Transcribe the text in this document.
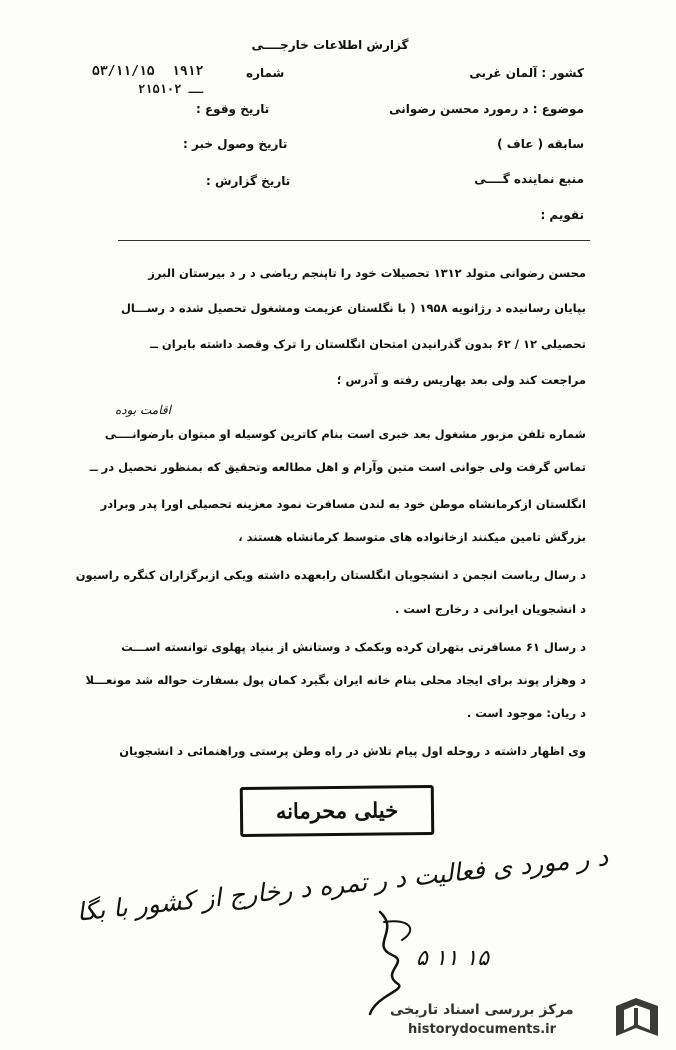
گزارش اطلاعات خارجــــی
کشور : آلمان غربی
شماره
۱۹۱۲
۵۳/۱۱/۱۵
۲۱۵ــ ۱۰۲
موضوع : د رمورد محسن رضوانی
تاریخ وقوع :
سابقه ( عاف )
تاریخ وصول خبر :
منبع نماینده گــــی
تاریخ گزارش :
تقویم :
محسن رضوانی متولد ۱۳۱۲ تحصیلات خود را تاپنجم ریاضی د ر د بیرستان البرز
بپایان رسانیده د رژانویه ۱۹۵۸ ( با نگلستان عزیمت ومشغول تحصیل شده د رســـال
تحصیلی ۱۲ / ۶۲ بدون گذرانیدن امتحان انگلستان را ترک وقصد داشته بایران ــ
مراجعت کند ولی بعد بهاریس رفته و آدرس ؛
اقامت بوده
شماره تلفن مزبور مشغول بعد خبری است بنام کاترین کوسیله او مبتوان بارضوانــــی
تماس گرفت ولی جوانی است متین وآرام و اهل مطالعه وتحقیق که بمنظور تحصیل در ــ
انگلستان ازکرمانشاه موطن خود به لندن مسافرت نمود معزینه تحصیلی اورا پدر وبرادر
بزرگش تامین میکنند ازخانواده های متوسط کرمانشاه هستند ،
د رسال ریاست انجمن د انشجویان انگلستان رابعهده داشته ویکی ازبرگزاران کنگره راسیون
د انشجویان ایرانی د رخارج است .
د رسال ۶۱ مسافرتی بتهران کرده وبکمک د وستانش از بنیاد پهلوی توانسته اســـت
د وهزار پوند برای ایجاد محلی بنام خانه ایران بگیرد کمان پول بسفارت حواله شد مونعـــلا
د ریان: موجود است .
وی اظهار داشته د روحله اول پیام تلاش در راه وطن پرستی وراهنمائی د انشجویان
خیلی محرمانه
د ر مورد ی فعالیت د ر تمره د رخارج از کشور با بگا
۱۵ ۱۱ ۵
مرکز بررسی اسناد تاریخی
historydocuments.ir
